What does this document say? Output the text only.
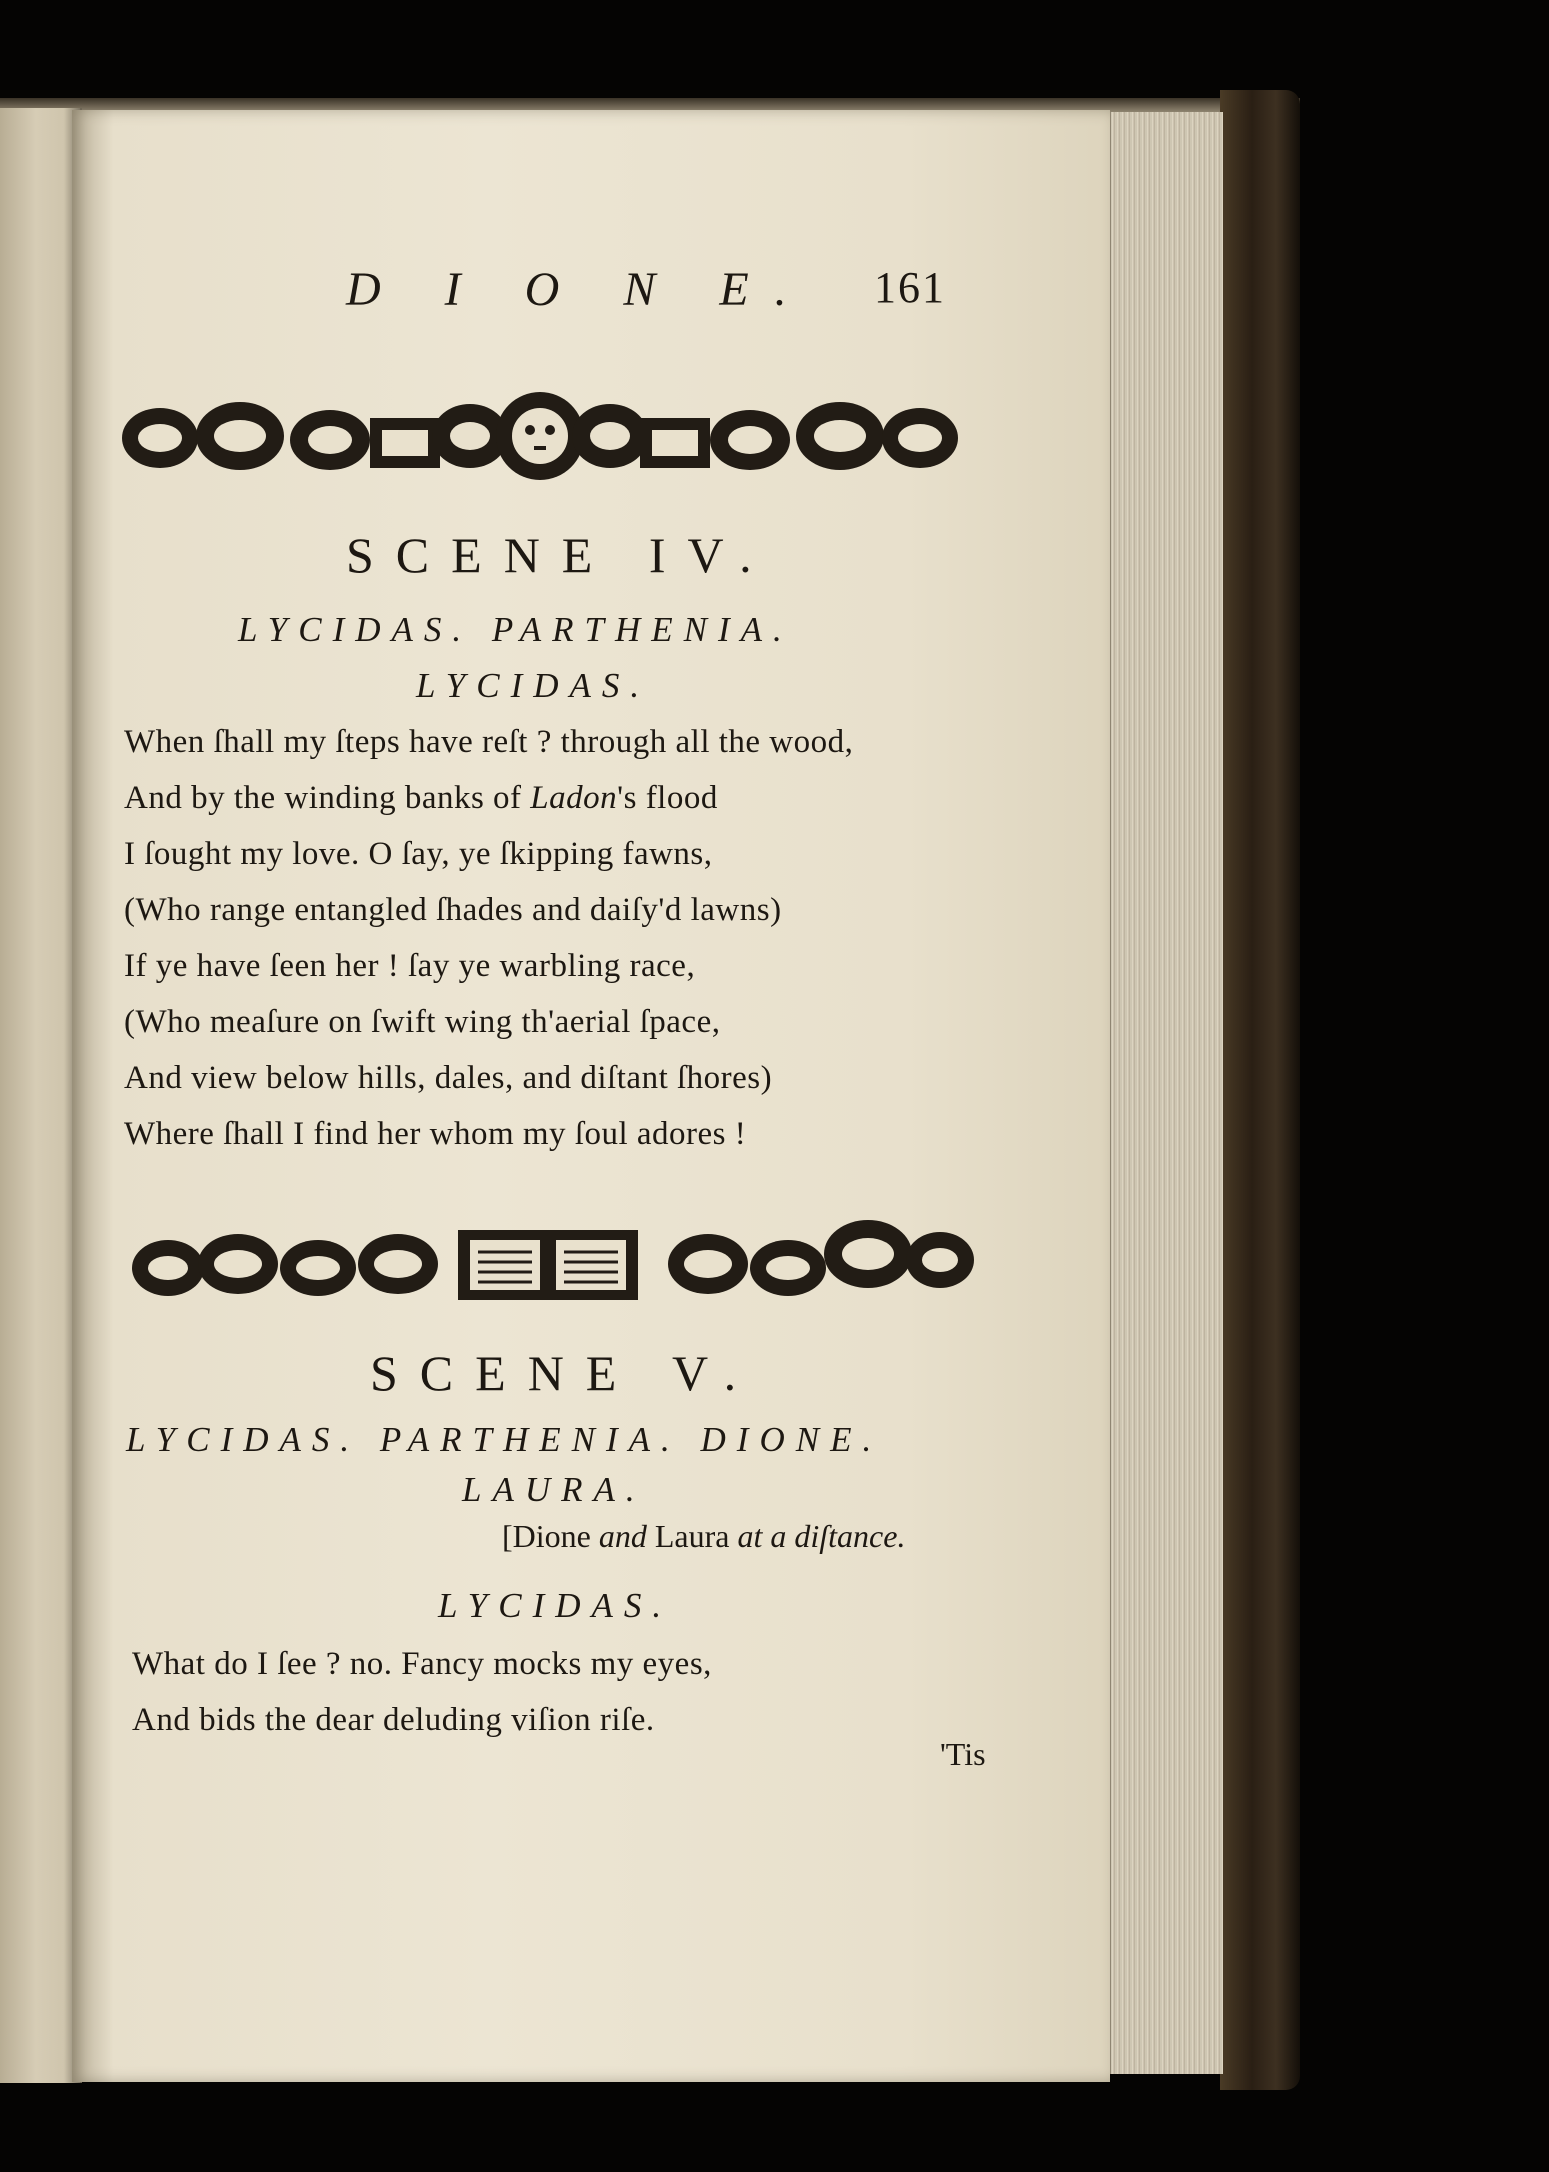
D I O N E. 161
SCENE IV.
LYCIDAS. PARTHENIA.
LYCIDAS.
When ſhall my ſteps have reſt ? through all the wood,
And by the winding banks of Ladon's flood
I ſought my love. O ſay, ye ſkipping fawns,
(Who range entangled ſhades and daiſy'd lawns)
If ye have ſeen her ! ſay ye warbling race,
(Who meaſure on ſwift wing th'aerial ſpace,
And view below hills, dales, and diſtant ſhores)
Where ſhall I find her whom my ſoul adores !
SCENE V.
LYCIDAS. PARTHENIA. DIONE.
LAURA.
[Dione and Laura at a diſtance.
LYCIDAS.
What do I ſee ? no. Fancy mocks my eyes,
And bids the dear deluding viſion riſe.
'Tis
